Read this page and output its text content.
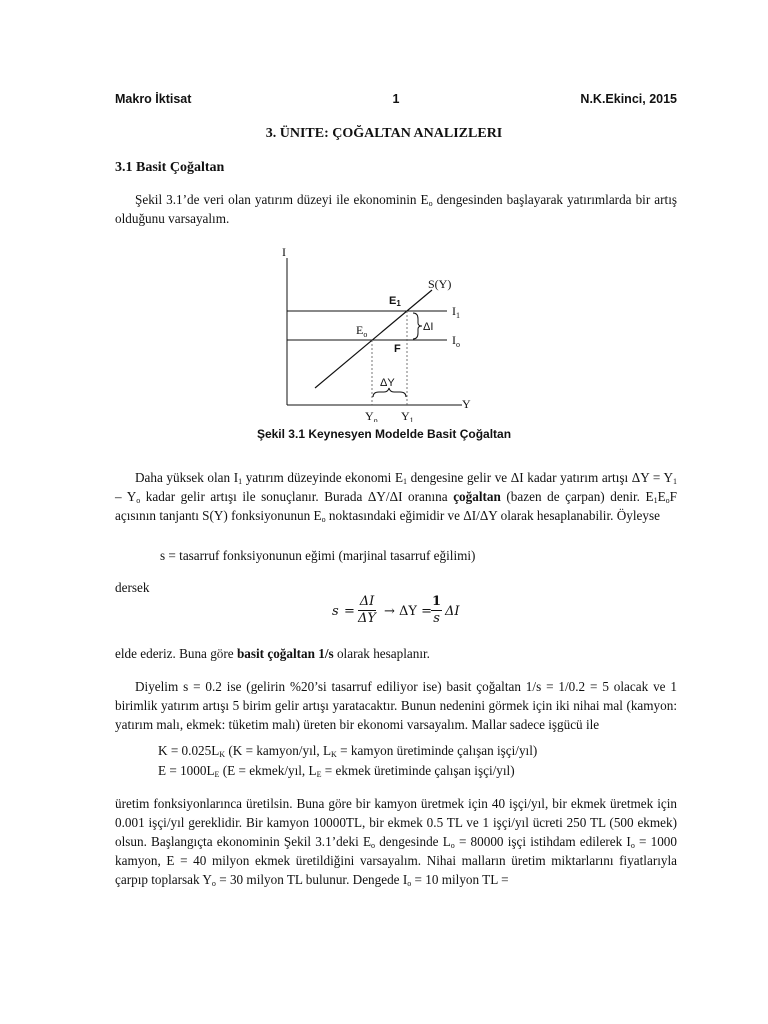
Makro İktisat	1	N.K.Ekinci, 2015
3. ÜNITE: ÇOĞALTAN ANALIZLERI
3.1 Basit Çoğaltan
Şekil 3.1’de veri olan yatırım düzeyi ile ekonominin $E_o$ dengesinden başlayarak yatırımlarda bir artış olduğunu varsayalım.
I
Y
$I_1$
$I_o$
S(Y)
ΔI
ΔY
E1
$E_o$
F
$Y_o$ $Y_1$
Şekil 3.1 Keynesyen Modelde Basit Çoğaltan
Daha yüksek olan $I_1$ yatırım düzeyinde ekonomi $E_1$ dengesine gelir ve ΔI kadar yatırım artışı $\Delta Y = Y_1 - Y_o$ kadar gelir artışı ile sonuçlanır. Burada ΔY/ΔI oranına çoğaltan (bazen de çarpan) denir. $E_1E_oF$ açısının tanjantı S(Y) fonksiyonunun $E_o$ noktasındaki eğimidir ve ΔI/ΔY olarak hesaplanabilir. Öyleyse
s = tasarruf fonksiyonunun eğimi (marjinal tasarruf eğilimi)
dersek
$s = \frac{\Delta I}{\Delta Y} \to \Delta Y$ =
$\frac{1}{s}$ ΔI
elde ederiz. Buna göre basit çoğaltan 1/s olarak hesaplanır.
Diyelim s = 0.2 ise (gelirin %20’si tasarruf ediliyor ise) basit çoğaltan 1/s = 1/0.2 = 5 olacak ve 1 birimlik yatırım artışı 5 birim gelir artışı yaratacaktır. Bunun nedenini görmek için iki nihai mal (kamyon: yatırım malı, ekmek: tüketim malı) üreten bir ekonomi varsayalım. Mallar sadece işgücü ile
$K = 0.025L_K$ (K = kamyon/yıl, $L_K$ = kamyon üretiminde çalışan işçi/yıl)
$E = 1000L_E$ (E = ekmek/yıl, $L_E$ = ekmek üretiminde çalışan işçi/yıl)
üretim fonksiyonlarınca üretilsin. Buna göre bir kamyon üretmek için 40 işçi/yıl, bir ekmek üretmek için 0.001 işçi/yıl gereklidir. Bir kamyon 10000TL, bir ekmek 0.5 TL ve 1 işçi/yıl ücreti 250 TL (500 ekmek) olsun. Başlangıçta ekonominin Şekil 3.1’deki $E_o$ dengesinde $L_o = 80000$ işçi istihdam edilerek $I_o = 1000$ kamyon, E = 40 milyon ekmek üretildiğini varsayalım. Nihai malların üretim miktarlarını fiyatlarıyla çarpıp toplarsak $Y_o = 30$ milyon TL bulunur. Dengede $I_o = 10$ milyon TL =
